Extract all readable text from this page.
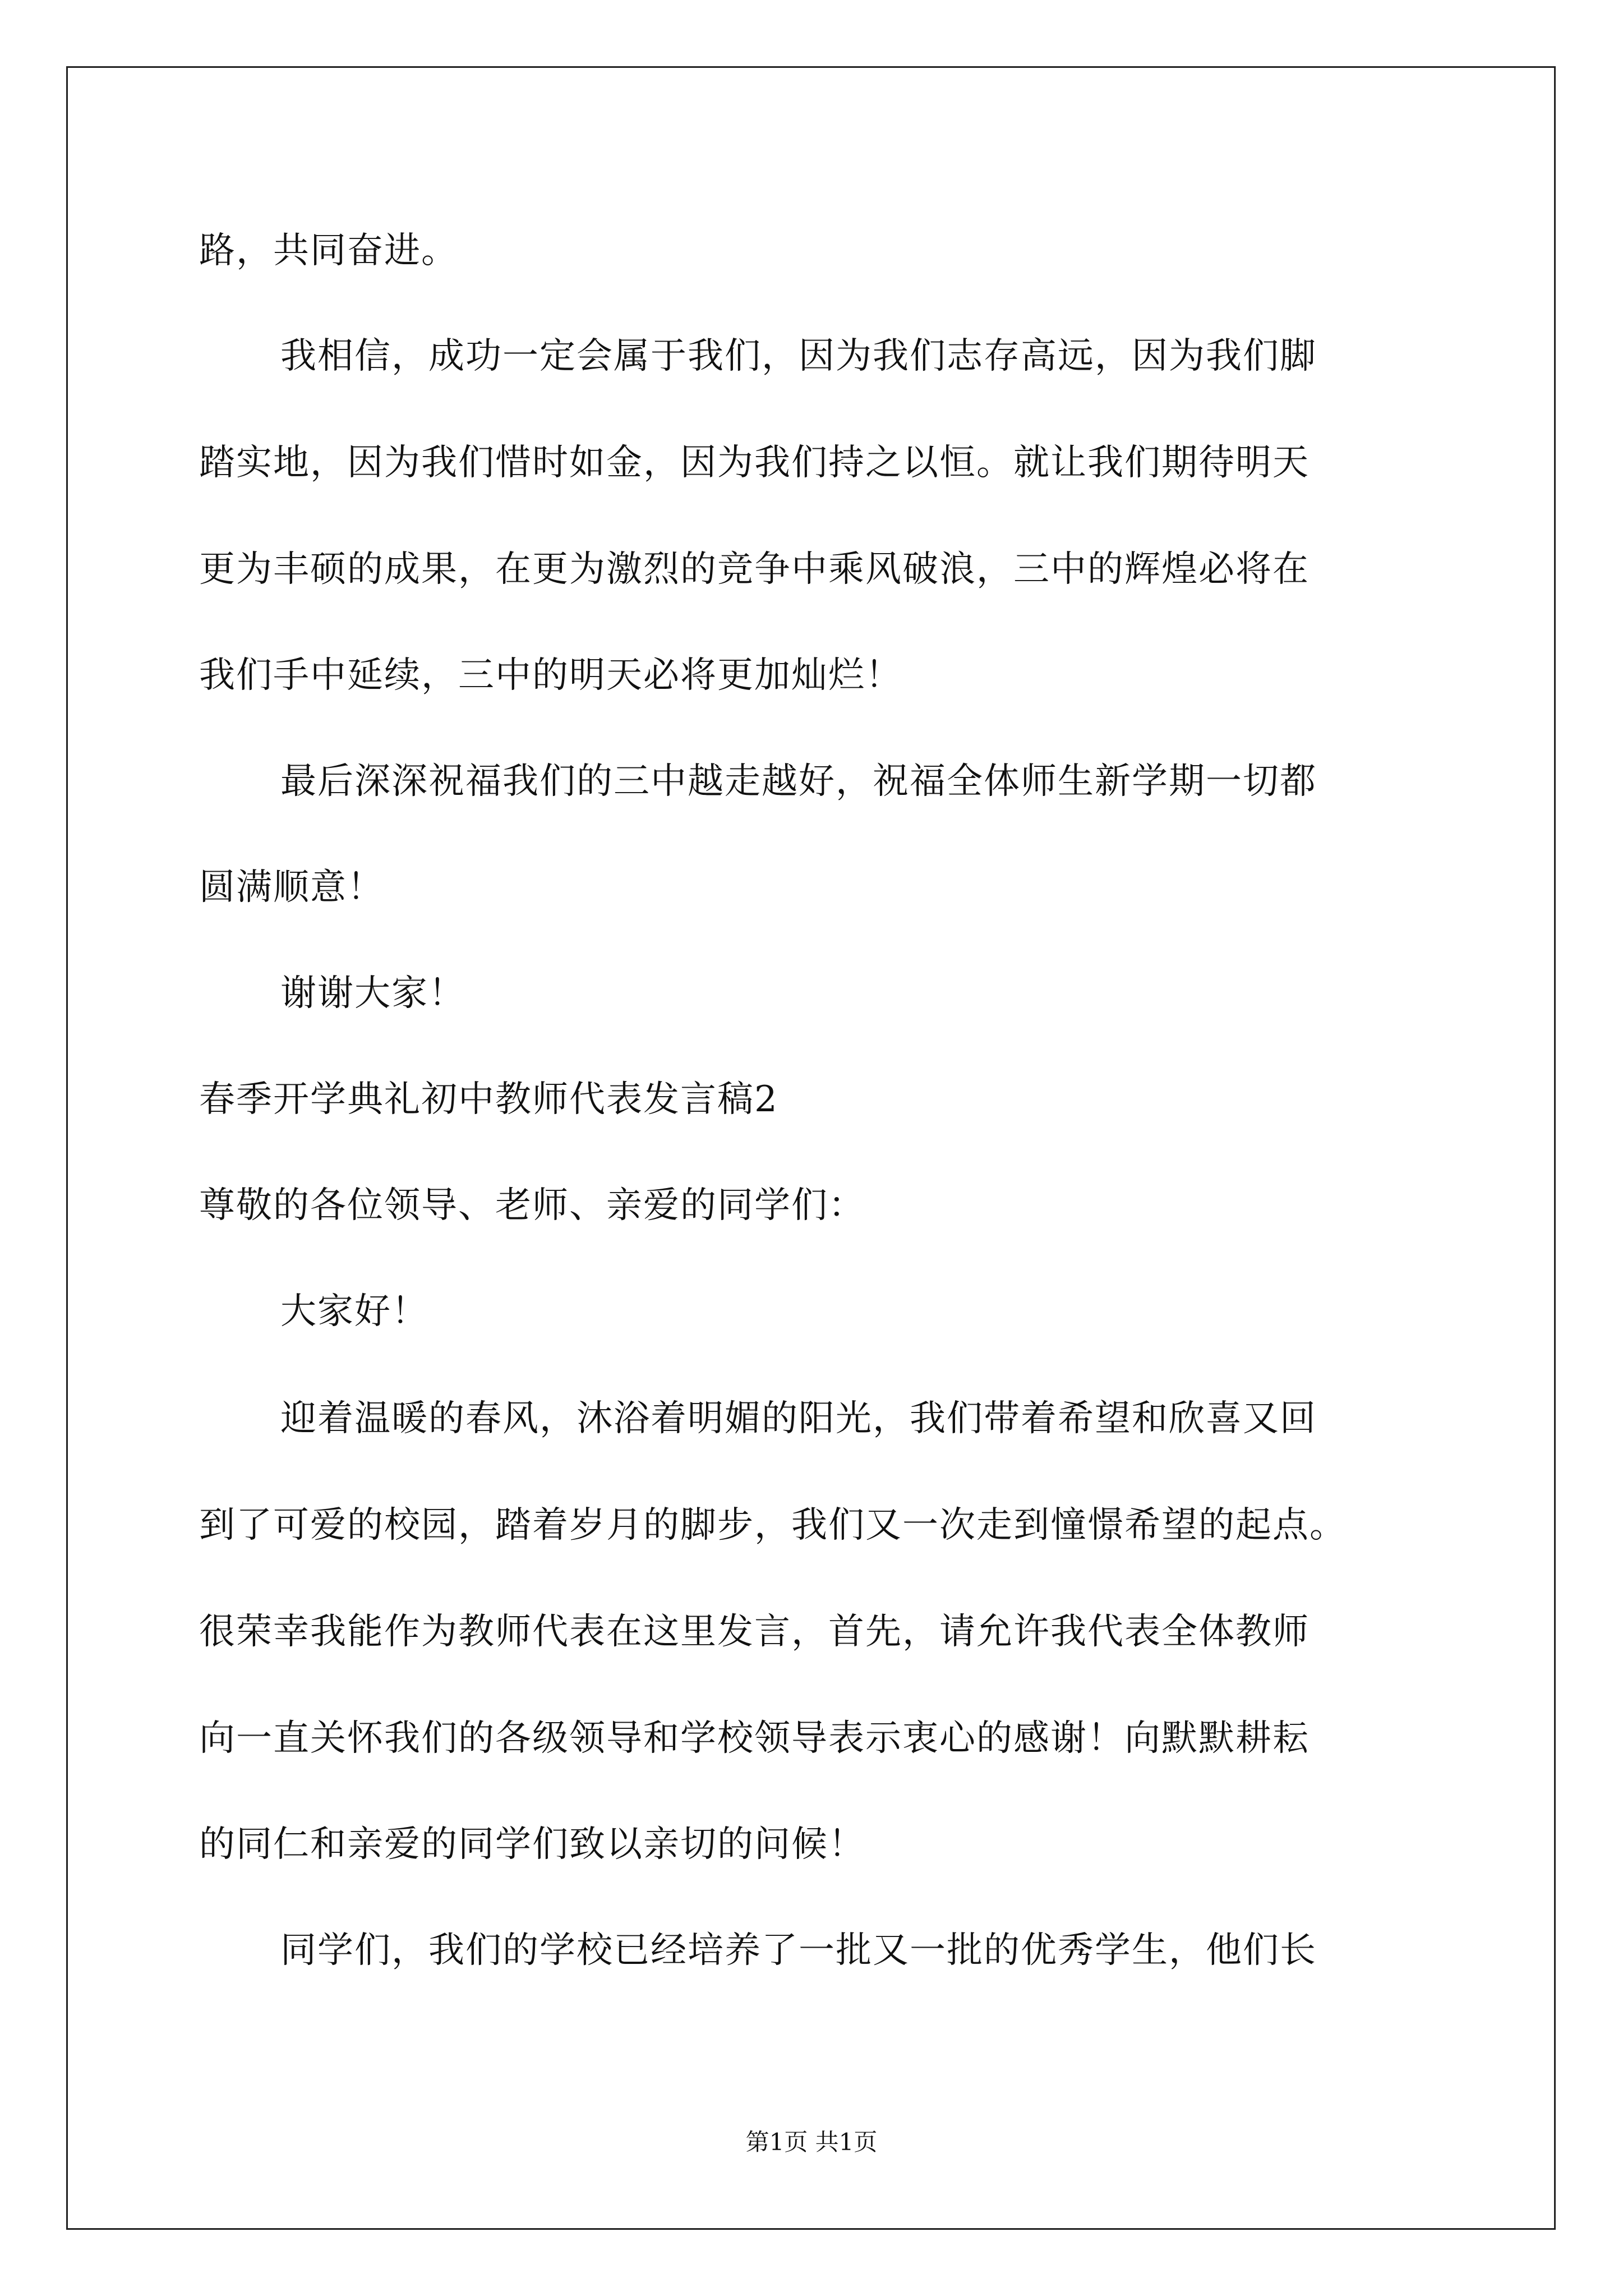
路，共同奋进。
我相信，成功一定会属于我们，因为我们志存高远，因为我们脚
踏实地，因为我们惜时如金，因为我们持之以恒。就让我们期待明天
更为丰硕的成果，在更为激烈的竞争中乘风破浪，三中的辉煌必将在
我们手中延续，三中的明天必将更加灿烂！
最后深深祝福我们的三中越走越好，祝福全体师生新学期一切都
圆满顺意！
谢谢大家！
春季开学典礼初中教师代表发言稿2
尊敬的各位领导、老师、亲爱的同学们：
大家好！
迎着温暖的春风，沐浴着明媚的阳光，我们带着希望和欣喜又回
到了可爱的校园，踏着岁月的脚步，我们又一次走到憧憬希望的起点。
很荣幸我能作为教师代表在这里发言，首先，请允许我代表全体教师
向一直关怀我们的各级领导和学校领导表示衷心的感谢！向默默耕耘
的同仁和亲爱的同学们致以亲切的问候！
同学们，我们的学校已经培养了一批又一批的优秀学生，他们长
第1页 共1页
